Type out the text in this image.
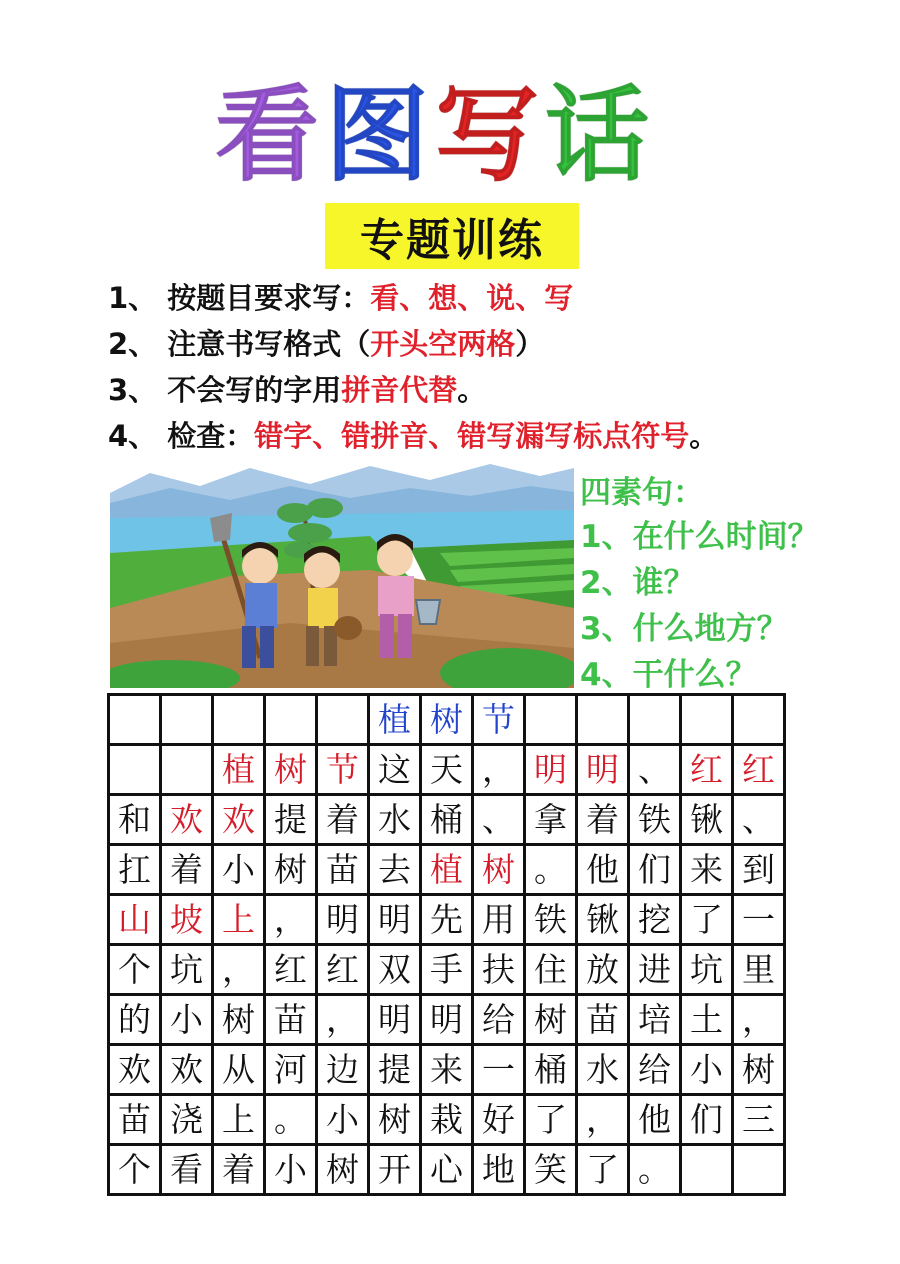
看 图 写 话
专题训练
1、 按题目要求写：看、想、说、写
2、 注意书写格式（开头空两格）
3、 不会写的字用拼音代替。
4、 检查：错字、错拼音、错写漏写标点符号。
四素句：
1、在什么时间？
2、谁？
3、什么地方？
4、干什么？
					植	树	节					
		植	树	节	这	天	，	明	明	、	红	红
和	欢	欢	提	着	水	桶	、	拿	着	铁	锹	、
扛	着	小	树	苗	去	植	树	。	他	们	来	到
山	坡	上	，	明	明	先	用	铁	锹	挖	了	一
个	坑	，	红	红	双	手	扶	住	放	进	坑	里
的	小	树	苗	，	明	明	给	树	苗	培	土	，
欢	欢	从	河	边	提	来	一	桶	水	给	小	树
苗	浇	上	。	小	树	栽	好	了	，	他	们	三
个	看	着	小	树	开	心	地	笑	了	。		
